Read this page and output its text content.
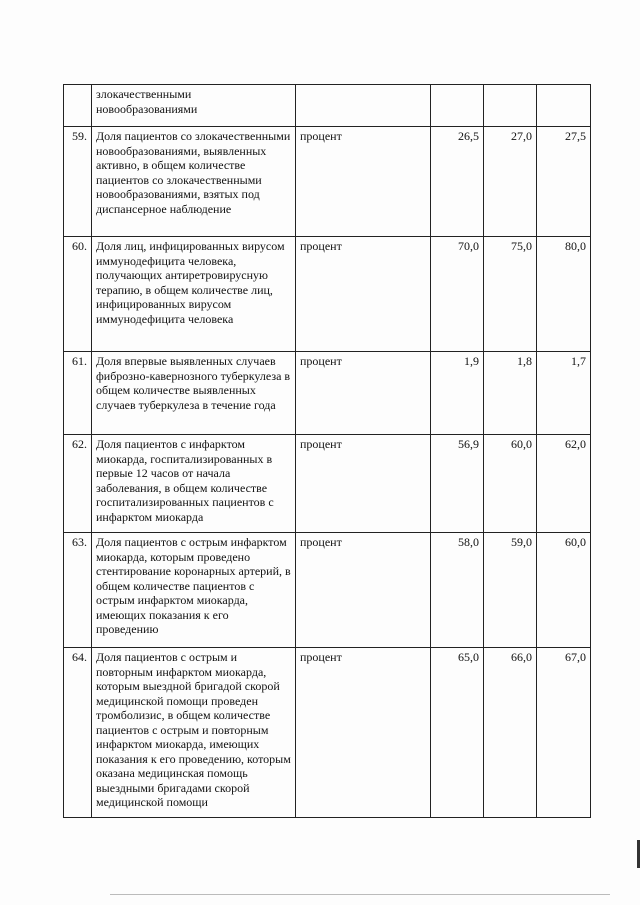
	злокачественными
новообразованиями				
59.	Доля пациентов со злокачественными новообразованиями, выявленных активно, в общем количестве пациентов со злокачественными новообразованиями, взятых под диспансерное наблюдение	процент	26,5	27,0	27,5
60.	Доля лиц, инфицированных вирусом иммунодефицита человека, получающих антиретровирусную терапию, в общем количестве лиц, инфицированных вирусом иммунодефицита человека	процент	70,0	75,0	80,0
61.	Доля впервые выявленных случаев фиброзно-кавернозного туберкулеза в общем количестве выявленных случаев туберкулеза в течение года	процент	1,9	1,8	1,7
62.	Доля пациентов с инфарктом миокарда, госпитализированных в первые 12 часов от начала заболевания, в общем количестве госпитализированных пациентов с инфарктом миокарда	процент	56,9	60,0	62,0
63.	Доля пациентов с острым инфарктом миокарда, которым проведено стентирование коронарных артерий, в общем количестве пациентов с острым инфарктом миокарда, имеющих показания к его проведению	процент	58,0	59,0	60,0
64.	Доля пациентов с острым и повторным инфарктом миокарда, которым выездной бригадой скорой медицинской помощи проведен тромболизис, в общем количестве пациентов с острым и повторным инфарктом миокарда, имеющих показания к его проведению, которым оказана медицинская помощь выездными бригадами скорой медицинской помощи	процент	65,0	66,0	67,0
